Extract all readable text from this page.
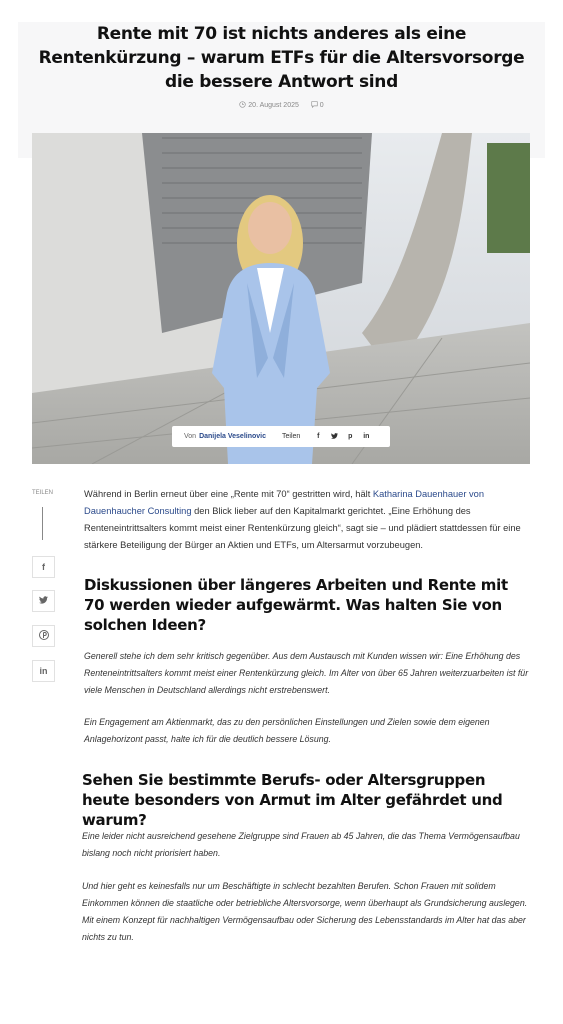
Rente mit 70 ist nichts anderes als eine Rentenkürzung – warum ETFs für die Altersvorsorge die bessere Antwort sind
20. August 2025	0
Von Danijela Veselinovic Teilen	f	p	in
TEILEN
f
in

Während in Berlin erneut über eine „Rente mit 70“ gestritten wird, hält Katharina Dauenhauer von Dauenhaucher Consulting den Blick lieber auf den Kapitalmarkt gerichtet. „Eine Erhöhung des Renteneintrittsalters kommt meist einer Rentenkürzung gleich“, sagt sie – und plädiert stattdessen für eine stärkere Beteiligung der Bürger an Aktien und ETFs, um Altersarmut vorzubeugen.

Diskussionen über längeres Arbeiten und Rente mit 70 werden wieder aufgewärmt. Was halten Sie von solchen Ideen?

Generell stehe ich dem sehr kritisch gegenüber. Aus dem Austausch mit Kunden wissen wir: Eine Erhöhung des Renteneintrittsalters kommt meist einer Rentenkürzung gleich. Im Alter von über 65 Jahren weiterzuarbeiten ist für viele Menschen in Deutschland allerdings nicht erstrebenswert.

Ein Engagement am Aktienmarkt, das zu den persönlichen Einstellungen und Zielen sowie dem eigenen Anlagehorizont passt, halte ich für die deutlich bessere Lösung.

Sehen Sie bestimmte Berufs- oder Altersgruppen heute besonders von Armut im Alter gefährdet und warum?

Eine leider nicht ausreichend gesehene Zielgruppe sind Frauen ab 45 Jahren, die das Thema Vermögensaufbau bislang noch nicht priorisiert haben.

Und hier geht es keinesfalls nur um Beschäftigte in schlecht bezahlten Berufen. Schon Frauen mit solidem Einkommen können die staatliche oder betriebliche Altersvorsorge, wenn überhaupt als Grundsicherung auslegen. Mit einem Konzept für nachhaltigen Vermögensaufbau oder Sicherung des Lebensstandards im Alter hat das aber nichts zu tun.
